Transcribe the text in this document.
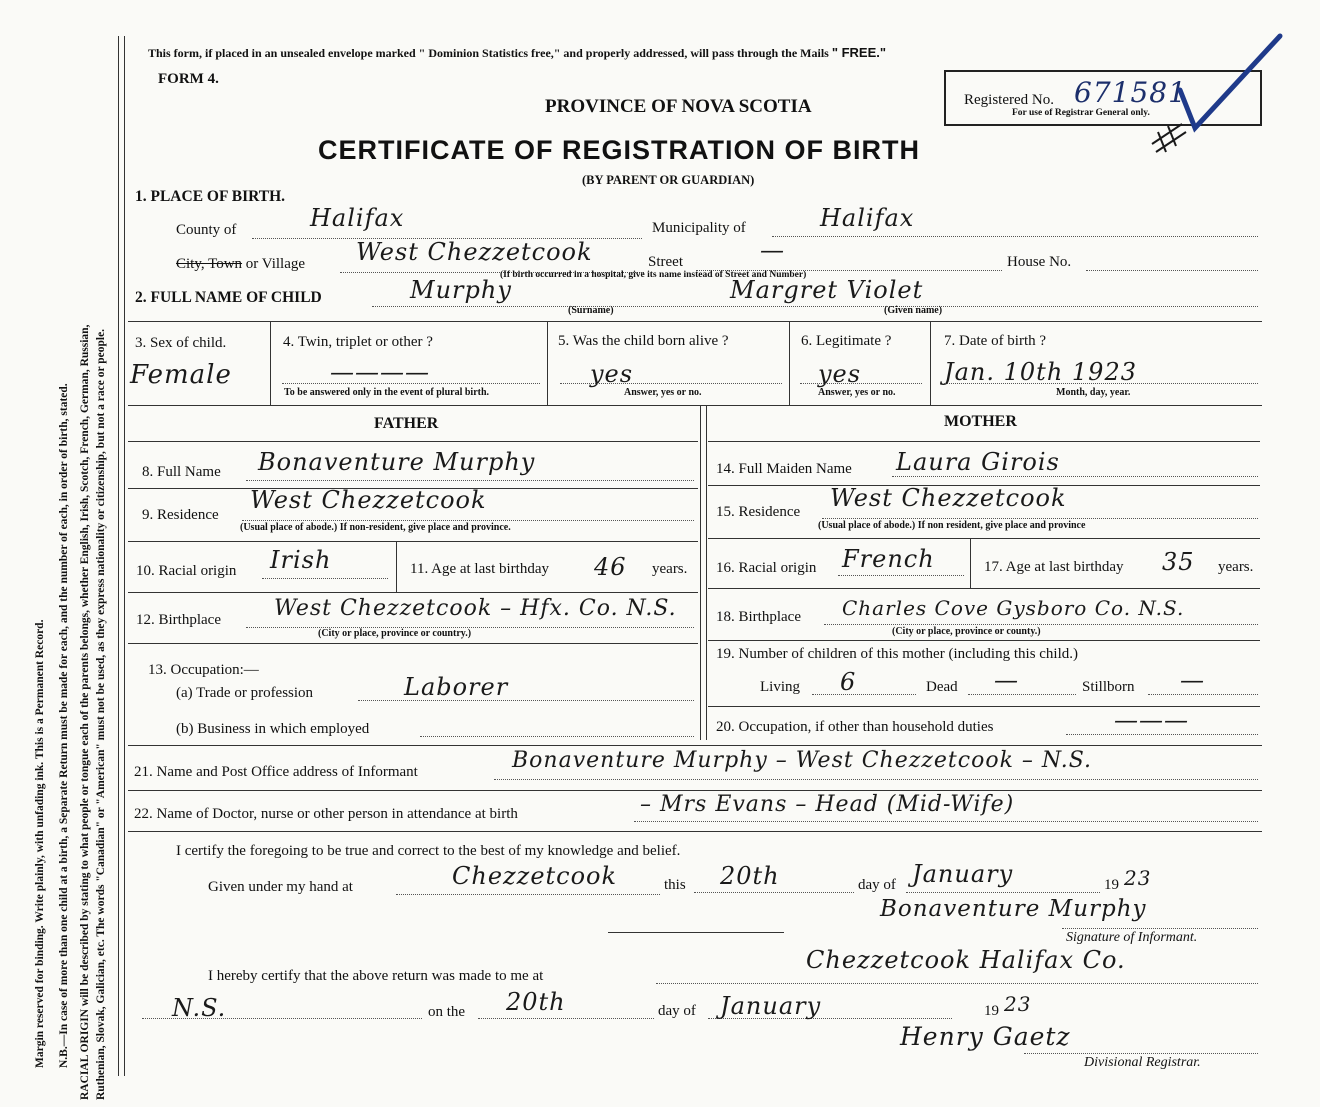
Margin reserved for binding. Write plainly, with unfading ink. This is a Permanent Record. N.B.—In case of more than one child at a birth, a Separate Return must be made for each, and the number of each, in order of birth, stated. RACIAL ORIGIN will be described by stating to what people or tongue each of the parents belongs, whether English, Irish, Scotch, French, German, Russian, Ruthenian, Slovak, Galician, etc. The words "Canadian" or "American" must not be used, as they express nationality or citizenship, but not a race or people.
This form, if placed in an unsealed envelope marked " Dominion Statistics free," and properly addressed, will pass through the Mails " FREE."
FORM 4.
PROVINCE OF NOVA SCOTIA
CERTIFICATE OF REGISTRATION OF BIRTH
(BY PARENT OR GUARDIAN)
Registered No. 671581
For use of Registrar General only.
1. PLACE OF BIRTH.
County of	Halifax	Municipality of	Halifax
City, Town or Village West Chezzetcook	Street	—	House No.
(If birth occurred in a hospital, give its name instead of Street and Number)
2. FULL NAME OF CHILD	Murphy
(Surname)
Margret Violet
(Given name)
3. Sex of child.
Female
4. Twin, triplet or other ?
————
To be answered only in the event of plural birth.
5. Was the child born alive ?
yes
Answer, yes or no.
6. Legitimate ?
yes
Answer, yes or no.
7. Date of birth ?
Jan. 10th 1923
Month, day, year.
FATHER	MOTHER
8. Full Name Bonaventure Murphy
9. Residence
West Chezzetcook
(Usual place of abode.) If non-resident, give place and province.
10. Racial origin Irish	11. Age at last birthday 46 years.
12. Birthplace West Chezzetcook – Hfx. Co. N.S.
(City or place, province or country.)
13. Occupation:—
(a) Trade or profession	Laborer
(b) Business in which employed
14. Full Maiden Name Laura Girois
15. Residence West Chezzetcook
(Usual place of abode.) If non resident, give place and province
16. Racial origin French	17. Age at last birthday 35 years.
18. Birthplace Charles Cove Gysboro Co. N.S.
(City or place, province or county.)
19. Number of children of this mother (including this child.)
Living 6	Dead —	Stillborn —
20. Occupation, if other than household duties	———
21. Name and Post Office address of Informant	Bonaventure Murphy – West Chezzetcook – N.S.
22. Name of Doctor, nurse or other person in attendance at birth	– Mrs Evans – Head (Mid-Wife)
I certify the foregoing to be true and correct to the best of my knowledge and belief.
Given under my hand at	Chezzetcook	this 20th	day of January	19 23
Bonaventure Murphy
Signature of Informant.
I hereby certify that the above return was made to me at
Chezzetcook Halifax Co.
N.S.	on the 20th	day of January	19 23
Henry Gaetz
Divisional Registrar.
